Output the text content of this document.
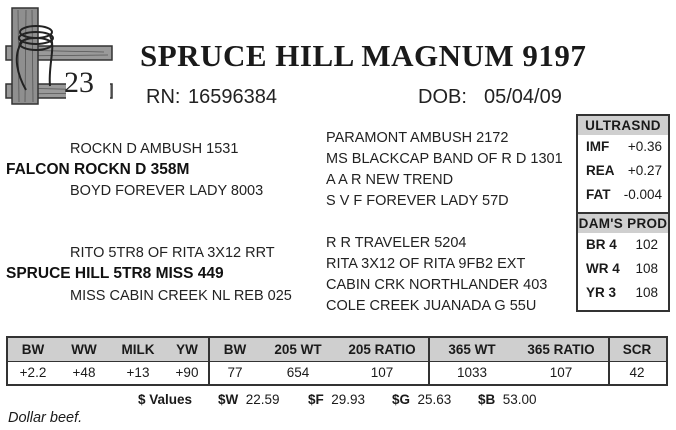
23
SPRUCE HILL MAGNUM 9197
RN: 16596384	DOB: 05/04/09
ROCKN D AMBUSH 1531
FALCON ROCKN D 358M
BOYD FOREVER LADY 8003
RITO 5TR8 OF RITA 3X12 RRT
SPRUCE HILL 5TR8 MISS 449
MISS CABIN CREEK NL REB 025
PARAMONT AMBUSH 2172
MS BLACKCAP BAND OF R D 1301
A A R NEW TREND
S V F FOREVER LADY 57D
R R TRAVELER 5204
RITA 3X12 OF RITA 9FB2 EXT
CABIN CRK NORTHLANDER 403
COLE CREEK JUANADA G 55U
ULTRASND
IMF +0.36
REA +0.27
FAT -0.004
DAM'S PROD
BR 4 102
WR 4 108
YR 3 108
BW	WW	MILK	YW	BW	205 WT	205 RATIO	365 WT	365 RATIO	SCR
+2.2	+48	+13	+90	77	654	107	1033	107	42
$ Values $W 22.59 $F 29.93 $G 25.63 $B 53.00
Dollar beef.
